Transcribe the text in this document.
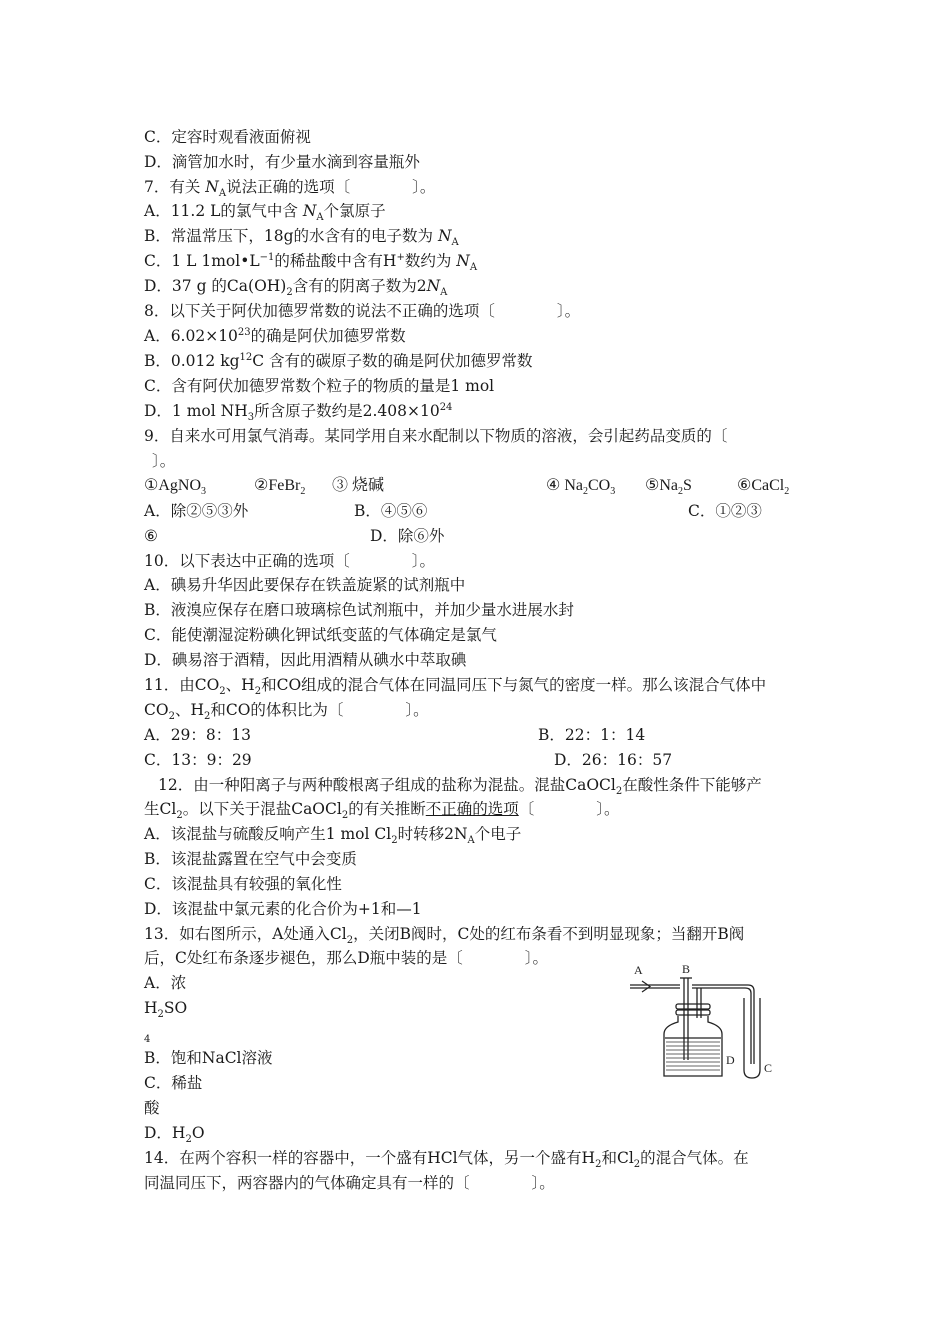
C．定容时观看液面俯视
D．滴管加水时，有少量水滴到容量瓶外
7．有关 $N_A$说法正确的选项〔　　　　〕。
A．11.2 L的氯气中含 $N_A$个氯原子
B．常温常压下，18g的水含有的电子数为 $N_A$
C．1 L $1mol•L^{-1}$的稀盐酸中含有H+数约为 $N_A$
D．37 g 的$Ca(OH)_2$含有的阴离子数为$2N_A$
8．以下关于阿伏加德罗常数的说法不正确的选项〔　　　　〕。
A．$6.02\times 10^{23}$的确是阿伏加德罗常数
B．0.012 $kg^{12}C$ 含有的碳原子数的确是阿伏加德罗常数
C．含有阿伏加德罗常数个粒子的物质的量是1 mol
D．1 mol $NH_3$所含原子数约是$2.408\times 10^{24}$
9．自来水可用氯气消毒。某同学用自来水配制以下物质的溶液，会引起药品变质的〔
〕。
①AgNO$_3$	②FeBr$_2$ ③ 烧碱	④ $Na_2CO_3$ $⑤Na_2S$	⑥CaCl$_2$
A．除②⑤③外	B．④⑤⑥	C．①②③
⑥	D．除⑥外
10．以下表达中正确的选项〔　　　　〕。
A．碘易升华因此要保存在铁盖旋紧的试剂瓶中
B．液溴应保存在磨口玻璃棕色试剂瓶中，并加少量水进展水封
C．能使潮湿淀粉碘化钾试纸变蓝的气体确定是氯气
D．碘易溶于酒精，因此用酒精从碘水中萃取碘
11．由$CO_2$、$H_2$和CO组成的混合气体在同温同压下与氮气的密度一样。那么该混合气体中
$CO_2$、$H_2$和CO的体积比为〔　　　　〕。
A．29：8：13	B．22：1：14
C．13：9：29	D．26：16：57
12．由一种阳离子与两种酸根离子组成的盐称为混盐。混盐CaOCl$_2$在酸性条件下能够产
生$Cl_2$。以下关于混盐CaOCl$_2$的有关推断不正确的选项〔　　　　〕。
A．该混盐与硫酸反响产生1 mol $Cl_2$时转移$2N_A$个电子
B．该混盐露置在空气中会变质
C．该混盐具有较强的氧化性
D．该混盐中氯元素的化合价为+1和—1
13．如右图所示，A处通入$Cl_2$，关闭B阀时，C处的红布条看不到明显现象；当翻开B阀
后，C处红布条逐步褪色，那么D瓶中装的是〔　　　　〕。
A．浓
$H_2SO$
4
B．饱和NaCl溶液
C．稀盐
酸
D．$H_2O$
A	B
C
D
14．在两个容积一样的容器中，一个盛有HCl气体，另一个盛有$H_2$和$Cl_2$的混合气体。在
同温同压下，两容器内的气体确定具有一样的〔　　　　〕。
